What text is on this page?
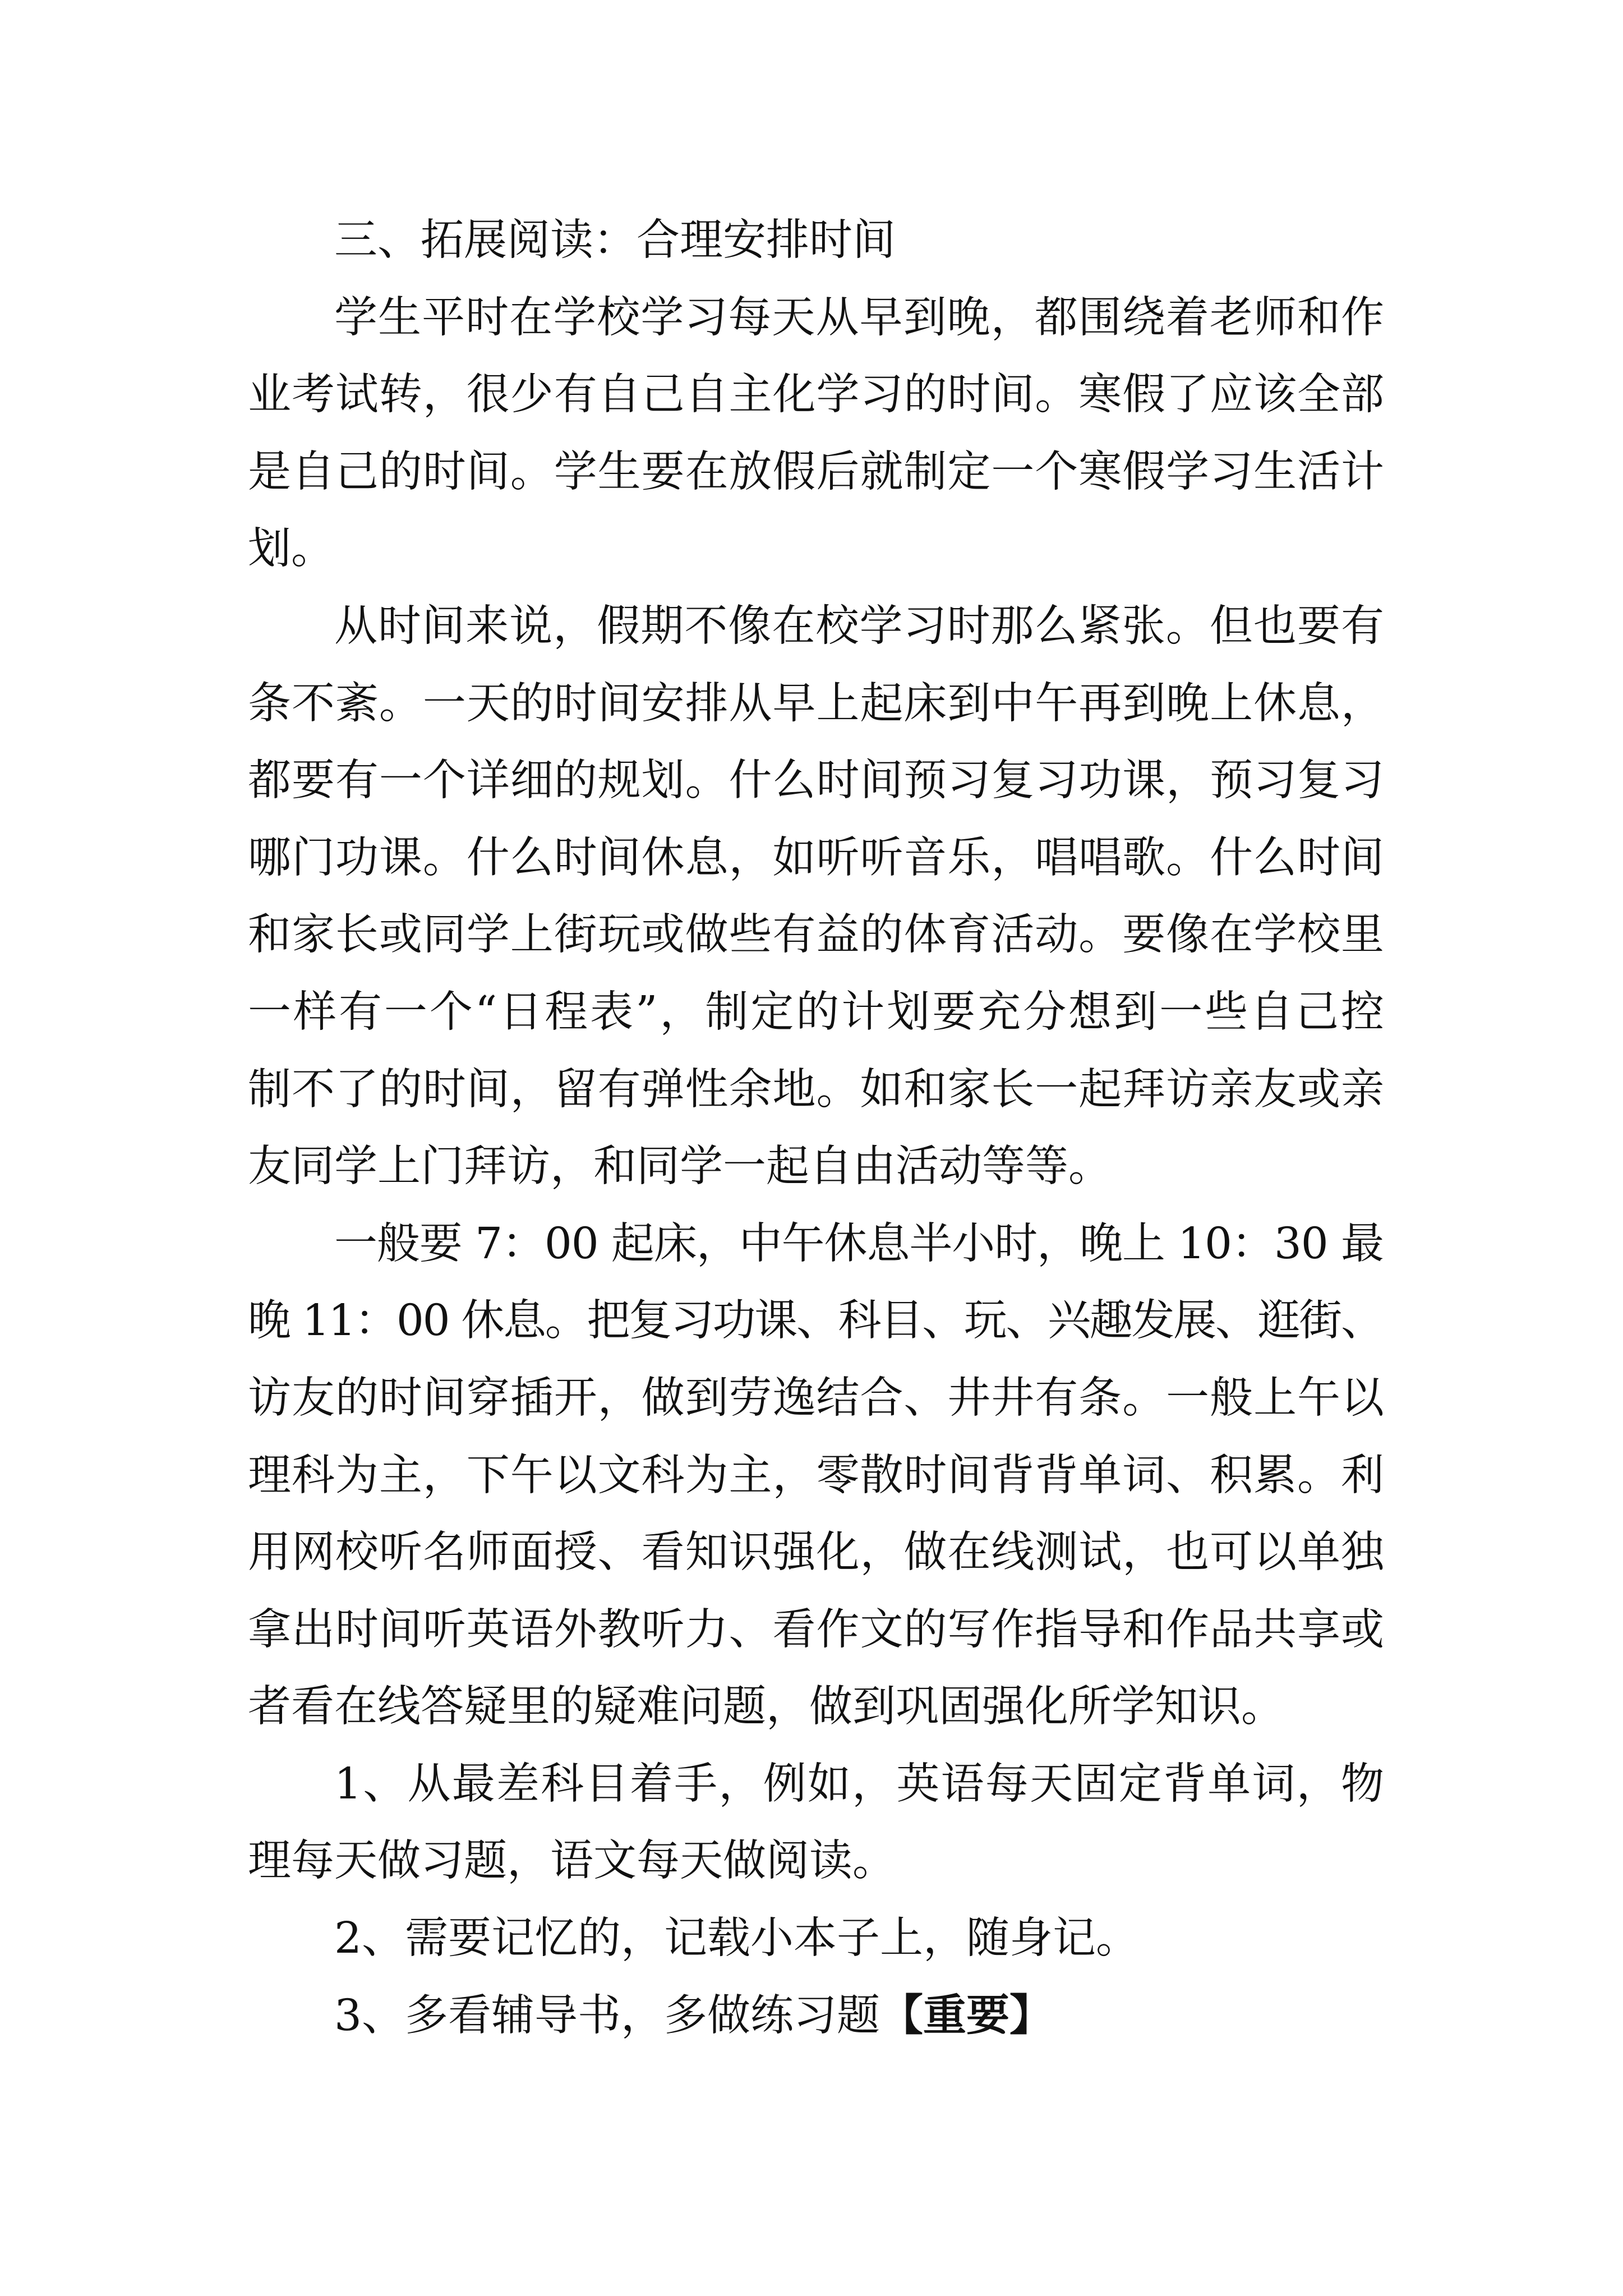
三、拓展阅读：合理安排时间
学生平时在学校学习每天从早到晚，都围绕着老师和作
业考试转，很少有自己自主化学习的时间。寒假了应该全部
是自己的时间。学生要在放假后就制定一个寒假学习生活计
划。
从时间来说，假期不像在校学习时那么紧张。但也要有
条不紊。一天的时间安排从早上起床到中午再到晚上休息，
都要有一个详细的规划。什么时间预习复习功课，预习复习
哪门功课。什么时间休息，如听听音乐，唱唱歌。什么时间
和家长或同学上街玩或做些有益的体育活动。要像在学校里
一样有一个“日程表”，制定的计划要充分想到一些自己控
制不了的时间，留有弹性余地。如和家长一起拜访亲友或亲
友同学上门拜访，和同学一起自由活动等等。
一般要 7：00 起床，中午休息半小时，晚上 10：30 最
晚 11：00 休息。把复习功课、科目、玩、兴趣发展、逛街、
访友的时间穿插开，做到劳逸结合、井井有条。一般上午以
理科为主，下午以文科为主，零散时间背背单词、积累。利
用网校听名师面授、看知识强化，做在线测试，也可以单独
拿出时间听英语外教听力、看作文的写作指导和作品共享或
者看在线答疑里的疑难问题，做到巩固强化所学知识。
1、从最差科目着手，例如，英语每天固定背单词，物
理每天做习题，语文每天做阅读。
2、需要记忆的，记载小本子上，随身记。
3、多看辅导书，多做练习题【重要】
